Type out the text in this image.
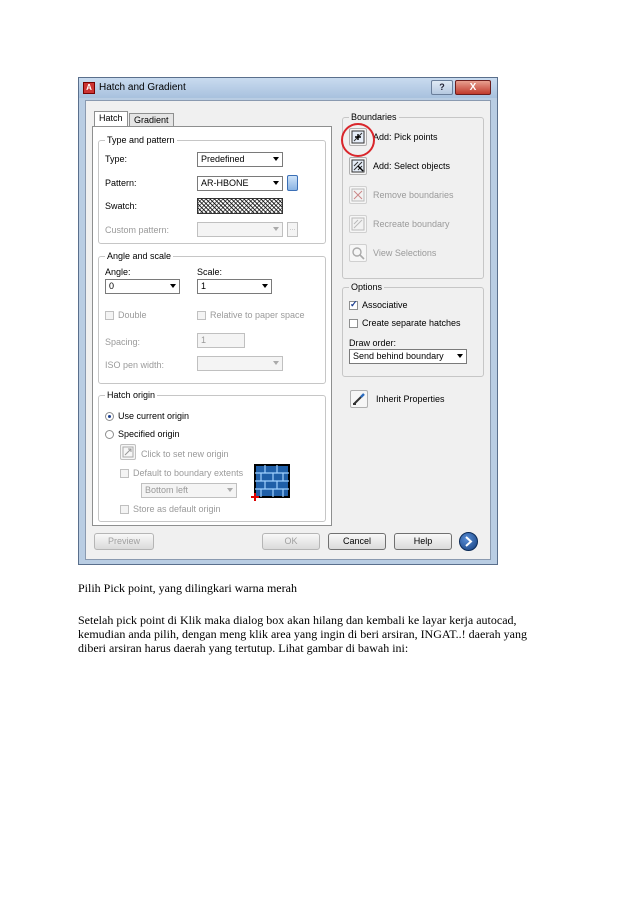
A Hatch and Gradient	?	X
Hatch	Gradient
Type and pattern
Type:	Predefined
Pattern:	AR-HBONE
Swatch:
Custom pattern:	...
Angle and scale
Angle:
0
Scale:
1
Double	Relative to paper space
Spacing:	1
ISO pen width:
Hatch origin
Use current origin
Specified origin
Click to set new origin
Default to boundary extents
Bottom left
Store as default origin
Boundaries
Add: Pick points
Add: Select objects
Remove boundaries
Recreate boundary
View Selections
Options
✓
Associative
Create separate hatches
Draw order:
Send behind boundary
Inherit Properties
Preview	OK	Cancel	Help
Pilih Pick point, yang dilingkari warna merah
Setelah pick point di Klik maka dialog box akan hilang dan kembali ke layar kerja autocad,
kemudian anda pilih, dengan meng klik area yang ingin di beri arsiran, INGAT..! daerah yang
diberi arsiran harus daerah yang tertutup. Lihat gambar di bawah ini:
